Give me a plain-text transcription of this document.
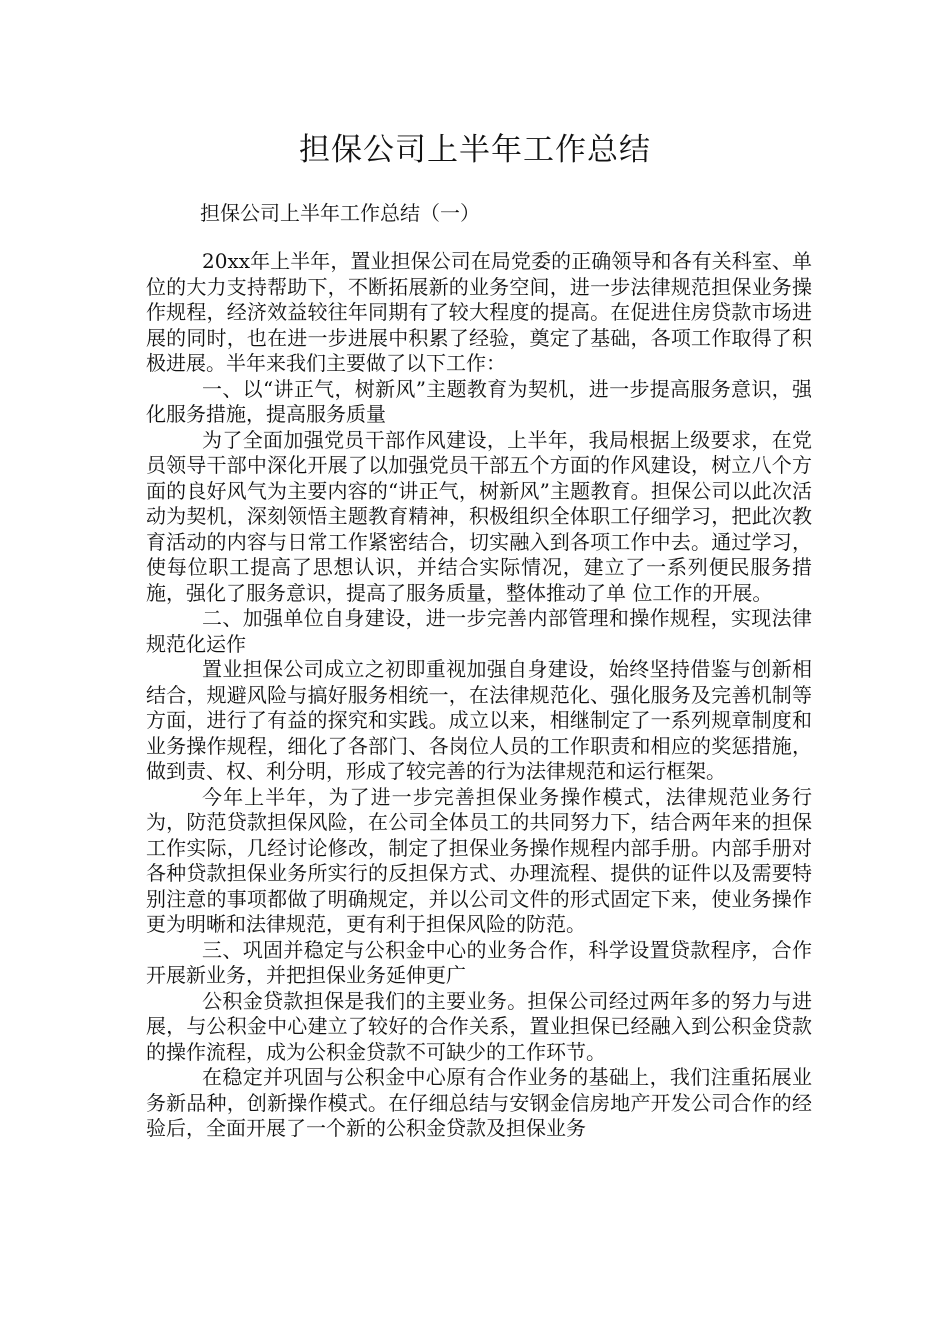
担保公司上半年工作总结
担保公司上半年工作总结（一）

20xx年上半年，置业担保公司在局党委的正确领导和各有关科室、单位的大力支持帮助下，不断拓展新的业务空间，进一步法律规范担保业务操作规程，经济效益较往年同期有了较大程度的提高。在促进住房贷款市场进展的同时，也在进一步进展中积累了经验，奠定了基础，各项工作取得了积极进展。半年来我们主要做了以下工作：

一、以“讲正气，树新风”主题教育为契机，进一步提高服务意识，强化服务措施，提高服务质量

为了全面加强党员干部作风建设，上半年，我局根据上级要求，在党员领导干部中深化开展了以加强党员干部五个方面的作风建设，树立八个方面的良好风气为主要内容的“讲正气，树新风”主题教育。担保公司以此次活动为契机，深刻领悟主题教育精神，积极组织全体职工仔细学习，把此次教育活动的内容与日常工作紧密结合，切实融入到各项工作中去。通过学习，使每位职工提高了思想认识，并结合实际情况，建立了一系列便民服务措施，强化了服务意识，提高了服务质量，整体推动了单 位工作的开展。

二、加强单位自身建设，进一步完善内部管理和操作规程，实现法律规范化运作

置业担保公司成立之初即重视加强自身建设，始终坚持借鉴与创新相结合，规避风险与搞好服务相统一，在法律规范化、强化服务及完善机制等方面，进行了有益的探究和实践。成立以来，相继制定了一系列规章制度和业务操作规程，细化了各部门、各岗位人员的工作职责和相应的奖惩措施，做到责、权、利分明，形成了较完善的行为法律规范和运行框架。

今年上半年，为了进一步完善担保业务操作模式，法律规范业务行为，防范贷款担保风险，在公司全体员工的共同努力下，结合两年来的担保工作实际，几经讨论修改，制定了担保业务操作规程内部手册。内部手册对各种贷款担保业务所实行的反担保方式、办理流程、提供的证件以及需要特别注意的事项都做了明确规定，并以公司文件的形式固定下来，使业务操作更为明晰和法律规范，更有利于担保风险的防范。

三、巩固并稳定与公积金中心的业务合作，科学设置贷款程序，合作开展新业务，并把担保业务延伸更广

公积金贷款担保是我们的主要业务。担保公司经过两年多的努力与进展，与公积金中心建立了较好的合作关系，置业担保已经融入到公积金贷款的操作流程，成为公积金贷款不可缺少的工作环节。

在稳定并巩固与公积金中心原有合作业务的基础上，我们注重拓展业务新品种，创新操作模式。在仔细总结与安钢金信房地产开发公司合作的经验后，全面开展了一个新的公积金贷款及担保业务
